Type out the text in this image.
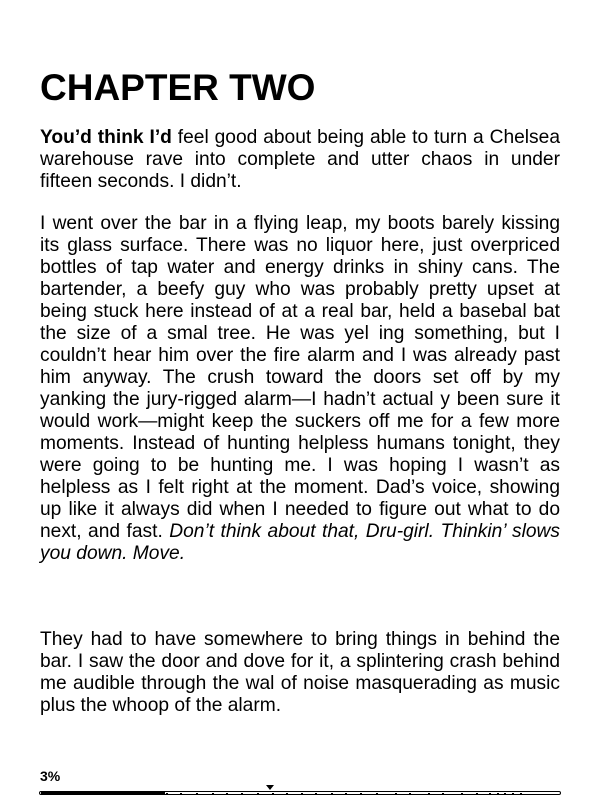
CHAPTER TWO

You’d think I’d feel good about being able to turn a Chelsea warehouse rave into complete and utter chaos in under fifteen seconds. I didn’t.

I went over the bar in a flying leap, my boots barely kissing its glass surface. There was no liquor here, just overpriced bottles of tap water and energy drinks in shiny cans. The bartender, a beefy guy who was probably pretty upset at being stuck here instead of at a real bar, held a basebal bat the size of a smal tree. He was yel ing something, but I couldn’t hear him over the fire alarm and I was already past him anyway. The crush toward the doors set off by my yanking the jury-rigged alarm—I hadn’t actual y been sure it would work—might keep the suckers off me for a few more moments. Instead of hunting helpless humans tonight, they were going to be hunting me. I was hoping I wasn’t as helpless as I felt right at the moment. Dad’s voice, showing up like it always did when I needed to figure out what to do next, and fast. Don’t think about that, Dru-girl. Thinkin’ slows you down. Move.

They had to have somewhere to bring things in behind the bar. I saw the door and dove for it, a splintering crash behind me audible through the wal of noise masquerading as music plus the whoop of the alarm.

3%
